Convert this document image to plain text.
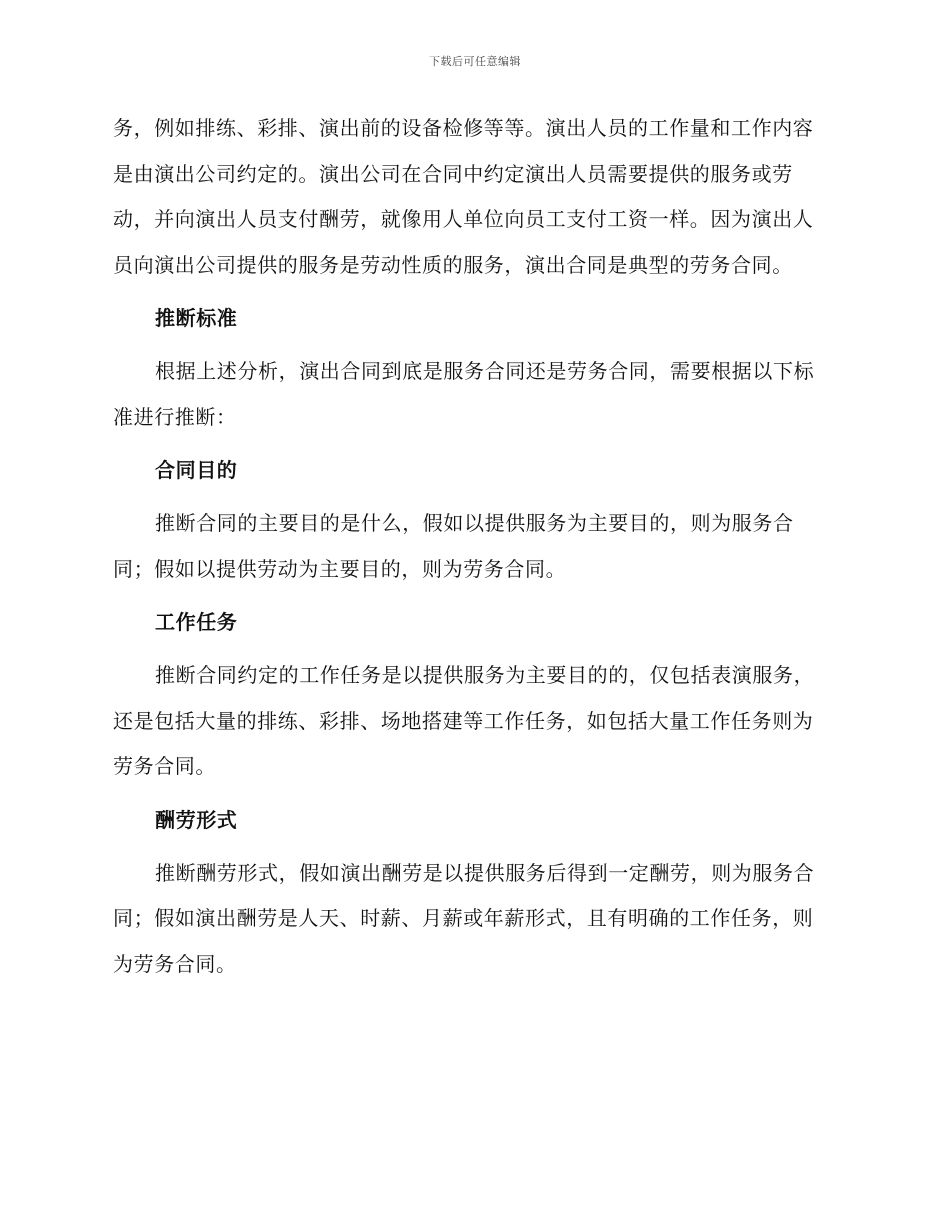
下载后可任意编辑

务，例如排练、彩排、演出前的设备检修等等。演出人员的工作量和工作内容是由演出公司约定的。演出公司在合同中约定演出人员需要提供的服务或劳动，并向演出人员支付酬劳，就像用人单位向员工支付工资一样。因为演出人员向演出公司提供的服务是劳动性质的服务，演出合同是典型的劳务合同。

推断标准

根据上述分析，演出合同到底是服务合同还是劳务合同，需要根据以下标准进行推断：

合同目的

推断合同的主要目的是什么，假如以提供服务为主要目的，则为服务合同；假如以提供劳动为主要目的，则为劳务合同。

工作任务

推断合同约定的工作任务是以提供服务为主要目的的，仅包括表演服务，还是包括大量的排练、彩排、场地搭建等工作任务，如包括大量工作任务则为劳务合同。

酬劳形式

推断酬劳形式，假如演出酬劳是以提供服务后得到一定酬劳，则为服务合同；假如演出酬劳是人天、时薪、月薪或年薪形式，且有明确的工作任务，则为劳务合同。
